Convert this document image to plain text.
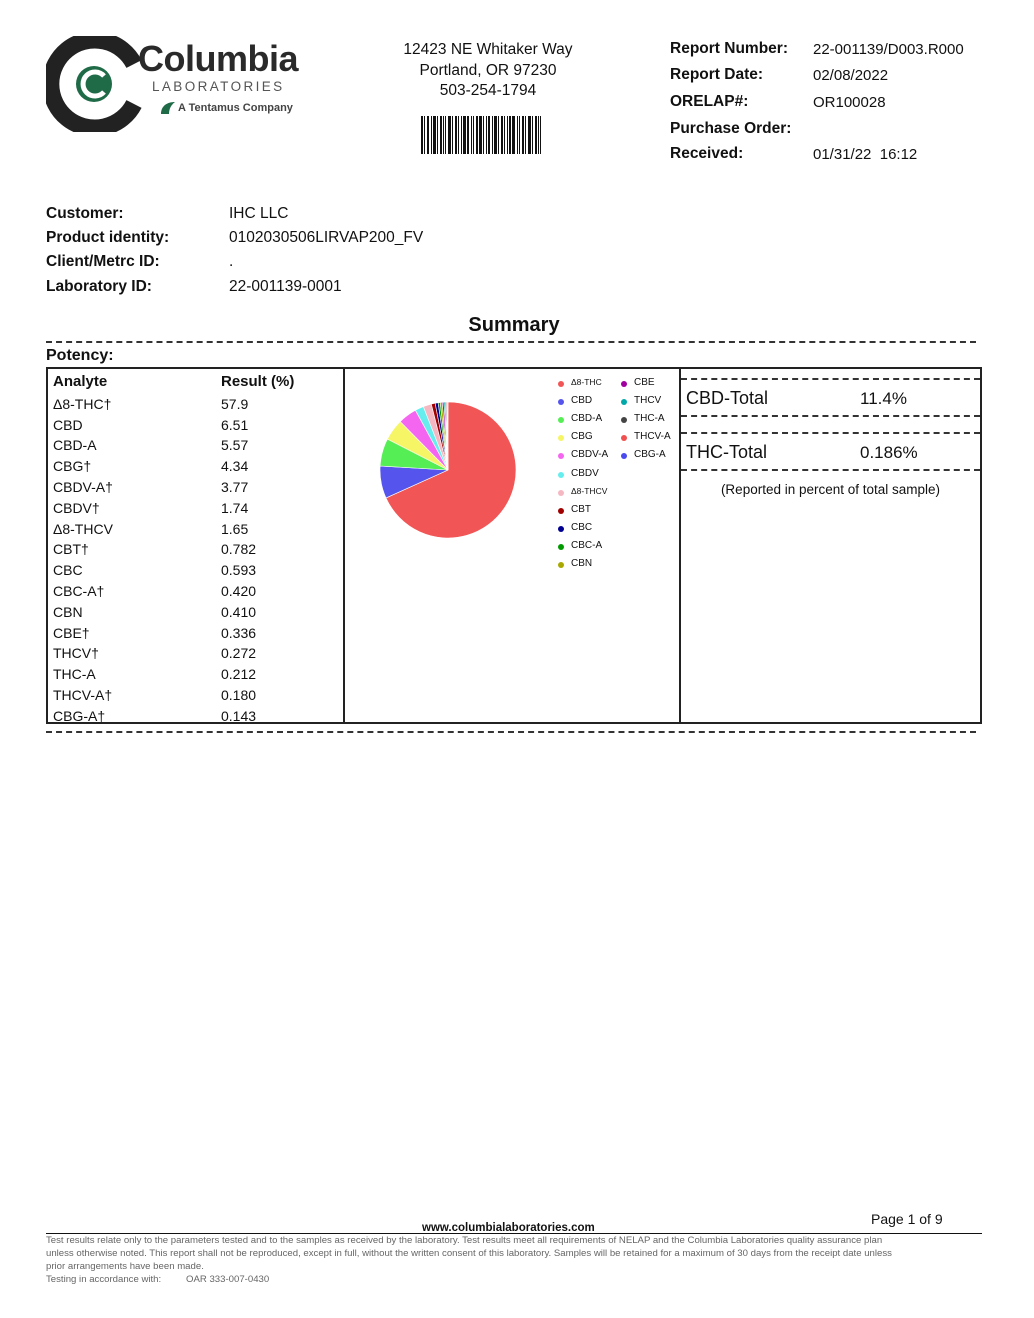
Columbia
LABORATORIES
A Tentamus Company
12423 NE Whitaker Way
Portland, OR 97230
503-254-1794
Report Number: 22-001139/D003.R000
Report Date:	02/08/2022
ORELAP#:	OR100028
Purchase Order:
Received:	01/31/22  16:12
Customer:	IHC LLC
Product identity:	0102030506LIRVAP200_FV
Client/Metrc ID:	.
Laboratory ID:	22-001139-0001
Summary
Potency:
Analyte	Result (%)
Δ8-THC†	57.9
CBD	6.51
CBD-A	5.57
CBG†	4.34
CBDV-A†	3.77
CBDV†	1.74
Δ8-THCV	1.65
CBT†	0.782
CBC	0.593
CBC-A†	0.420
CBN	0.410
CBE†	0.336
THCV†	0.272
THC-A	0.212
THCV-A†	0.180
CBG-A†	0.143
Δ8-THC
CBD
CBD-A
CBG
CBDV-A
CBDV
Δ8-THCV
CBT
CBC
CBC-A
CBN
CBE
THCV
THC-A
THCV-A
CBG-A
CBD-Total	11.4%
THC-Total	0.186%
(Reported in percent of total sample)
Page 1 of 9
www.columbialaboratories.com
Test results relate only to the parameters tested and to the samples as received by the laboratory. Test results meet all requirements of NELAP and the Columbia Laboratories quality assurance plan
unless otherwise noted. This report shall not be reproduced, except in full, without the written consent of this laboratory. Samples will be retained for a maximum of 30 days from the receipt date unless
prior arrangements have been made.
Testing in accordance with:	OAR 333-007-0430
